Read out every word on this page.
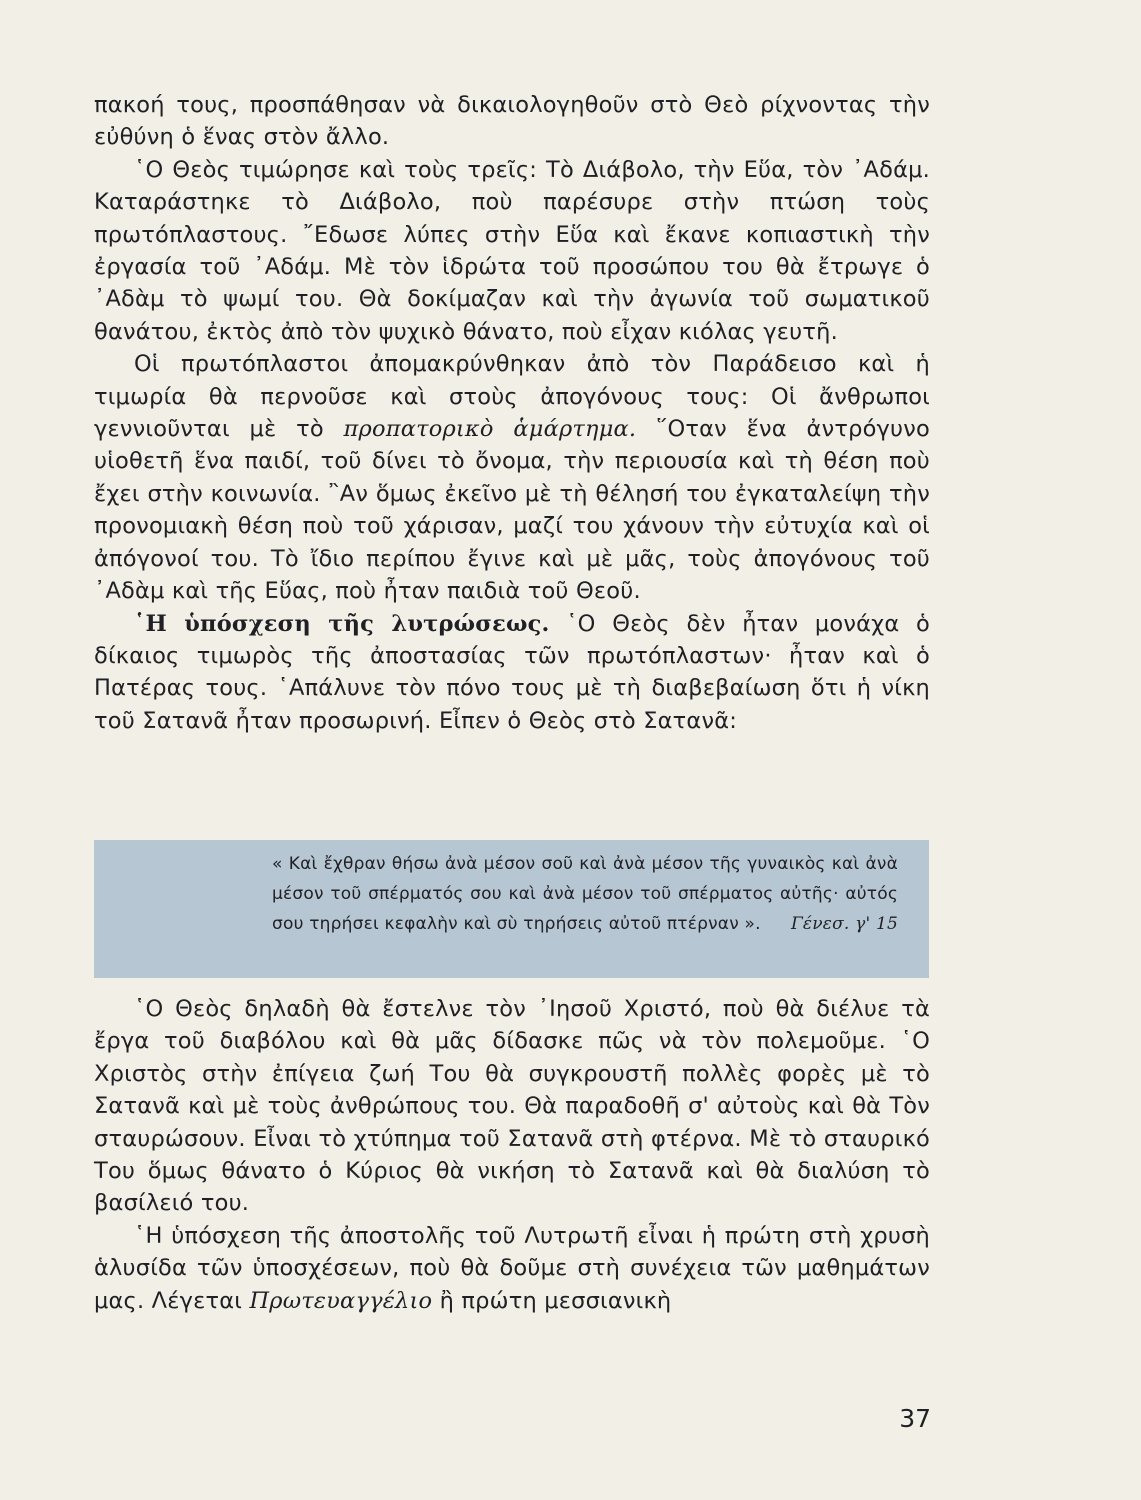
πακοή τους, προσπάθησαν νὰ δικαιολογηθοῦν στὸ Θεὸ ρίχνοντας τὴν εὐθύνη ὁ ἕνας στὸν ἄλλο.

῾Ο Θεὸς τιμώρησε καὶ τοὺς τρεῖς: Τὸ Διάβολο, τὴν Εὕα, τὸν ᾿Αδάμ. Καταράστηκε τὸ Διάβολο, ποὺ παρέσυρε στὴν πτώση τοὺς πρωτόπλαστους. ῎Εδωσε λύπες στὴν Εὕα καὶ ἔκανε κοπιαστικὴ τὴν ἐργασία τοῦ ᾿Αδάμ. Μὲ τὸν ἱδρώτα τοῦ προσώπου του θὰ ἔτρωγε ὁ ᾿Αδὰμ τὸ ψωμί του. Θὰ δοκίμαζαν καὶ τὴν ἀγωνία τοῦ σωματικοῦ θανάτου, ἐκτὸς ἀπὸ τὸν ψυχικὸ θάνατο, ποὺ εἶχαν κιόλας γευτῆ.

Οἱ πρωτόπλαστοι ἀπομακρύνθηκαν ἀπὸ τὸν Παράδεισο καὶ ἡ τιμωρία θὰ περνοῦσε καὶ στοὺς ἀπογόνους τους: Οἱ ἄνθρωποι γεννιοῦνται μὲ τὸ προπατορικὸ ἁμάρτημα. ῞Οταν ἕνα ἀντρόγυνο υἱοθετῆ ἕνα παιδί, τοῦ δίνει τὸ ὄνομα, τὴν περιουσία καὶ τὴ θέση ποὺ ἔχει στὴν κοινωνία. ῍Αν ὅμως ἐκεῖνο μὲ τὴ θέλησή του ἐγκαταλείψη τὴν προνομιακὴ θέση ποὺ τοῦ χάρισαν, μαζί του χάνουν τὴν εὐτυχία καὶ οἱ ἀπόγονοί του. Τὸ ἴδιο περίπου ἔγινε καὶ μὲ μᾶς, τοὺς ἀπογόνους τοῦ ᾿Αδὰμ καὶ τῆς Εὕας, ποὺ ἦταν παιδιὰ τοῦ Θεοῦ.

῾Η ὑπόσχεση τῆς λυτρώσεως. ῾Ο Θεὸς δὲν ἦταν μονάχα ὁ δίκαιος τιμωρὸς τῆς ἀποστασίας τῶν πρωτόπλαστων· ἦταν καὶ ὁ Πατέρας τους. ῾Απάλυνε τὸν πόνο τους μὲ τὴ διαβεβαίωση ὅτι ἡ νίκη τοῦ Σατανᾶ ἦταν προσωρινή. Εἶπεν ὁ Θεὸς στὸ Σατανᾶ:

« Καὶ ἔχθραν θήσω ἀνὰ μέσον σοῦ καὶ ἀνὰ μέσον τῆς γυναικὸς καὶ ἀνὰ μέσον τοῦ σπέρματός σου καὶ ἀνὰ μέσον τοῦ σπέρματος αὐτῆς· αὐτός σου τηρήσει κεφαλὴν καὶ σὺ τηρήσεις αὐτοῦ πτέρναν ». Γένεσ. γ' 15

῾Ο Θεὸς δηλαδὴ θὰ ἔστελνε τὸν ᾿Ιησοῦ Χριστό, ποὺ θὰ διέλυε τὰ ἔργα τοῦ διαβόλου καὶ θὰ μᾶς δίδασκε πῶς νὰ τὸν πολεμοῦμε. ῾Ο Χριστὸς στὴν ἐπίγεια ζωή Του θὰ συγκρουστῆ πολλὲς φορὲς μὲ τὸ Σατανᾶ καὶ μὲ τοὺς ἀνθρώπους του. Θὰ παραδοθῆ σ' αὐτοὺς καὶ θὰ Τὸν σταυρώσουν. Εἶναι τὸ χτύπημα τοῦ Σατανᾶ στὴ φτέρνα. Μὲ τὸ σταυρικό Του ὅμως θάνατο ὁ Κύριος θὰ νικήση τὸ Σατανᾶ καὶ θὰ διαλύση τὸ βασίλειό του.

῾Η ὑπόσχεση τῆς ἀποστολῆς τοῦ Λυτρωτῆ εἶναι ἡ πρώτη στὴ χρυσὴ ἁλυσίδα τῶν ὑποσχέσεων, ποὺ θὰ δοῦμε στὴ συνέχεια τῶν μαθημάτων μας. Λέγεται Πρωτευαγγέλιο ἢ πρώτη μεσσιανικὴ

37
